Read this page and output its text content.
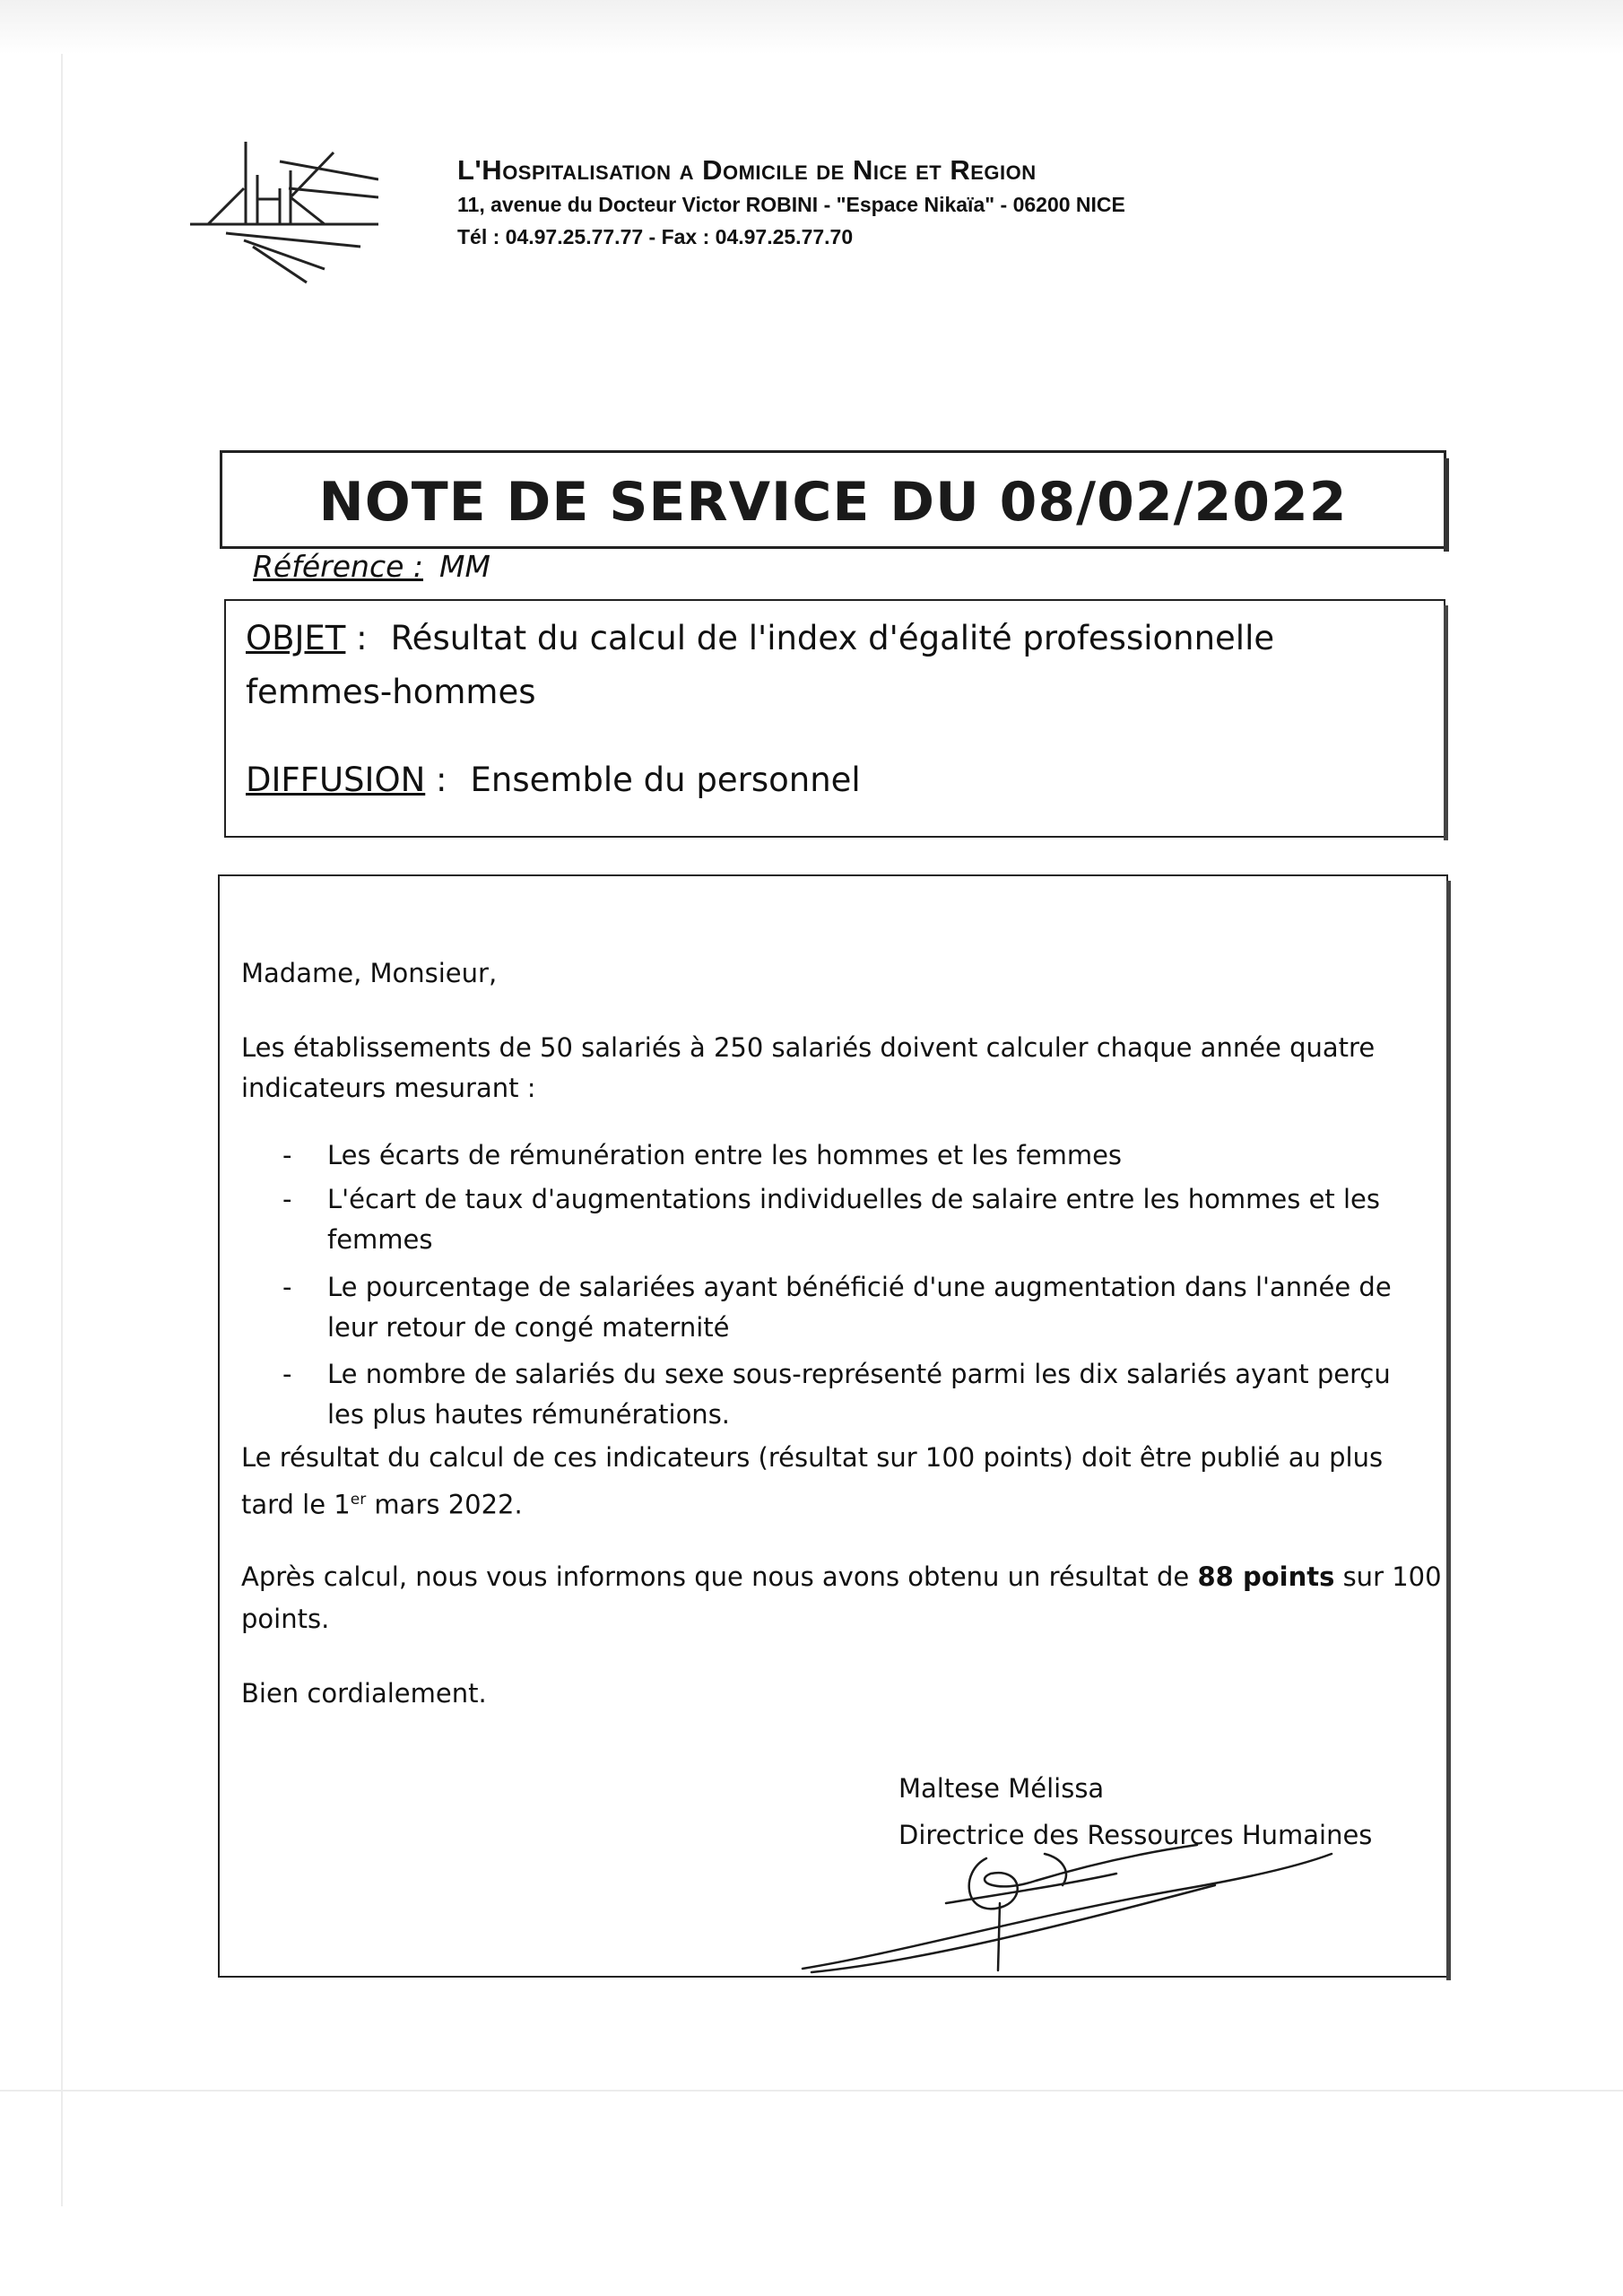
L'Hospitalisation a Domicile de Nice et Region
11, avenue du Docteur Victor ROBINI - "Espace Nikaïa" - 06200 NICE
Tél : 04.97.25.77.77 - Fax : 04.97.25.77.70
NOTE DE SERVICE DU 08/02/2022
Référence : MM
OBJET : Résultat du calcul de l'index d'égalité professionnelle
femmes-hommes
DIFFUSION : Ensemble du personnel
Madame, Monsieur,
Les établissements de 50 salariés à 250 salariés doivent calculer chaque année quatre
indicateurs mesurant :
- Les écarts de rémunération entre les hommes et les femmes
- L'écart de taux d'augmentations individuelles de salaire entre les hommes et les
femmes
- Le pourcentage de salariées ayant bénéficié d'une augmentation dans l'année de
leur retour de congé maternité
- Le nombre de salariés du sexe sous-représenté parmi les dix salariés ayant perçu
les plus hautes rémunérations.
Le résultat du calcul de ces indicateurs (résultat sur 100 points) doit être publié au plus
tard le 1er mars 2022.
Après calcul, nous vous informons que nous avons obtenu un résultat de 88 points sur 100
points.
Bien cordialement.
Maltese Mélissa
Directrice des Ressources Humaines
